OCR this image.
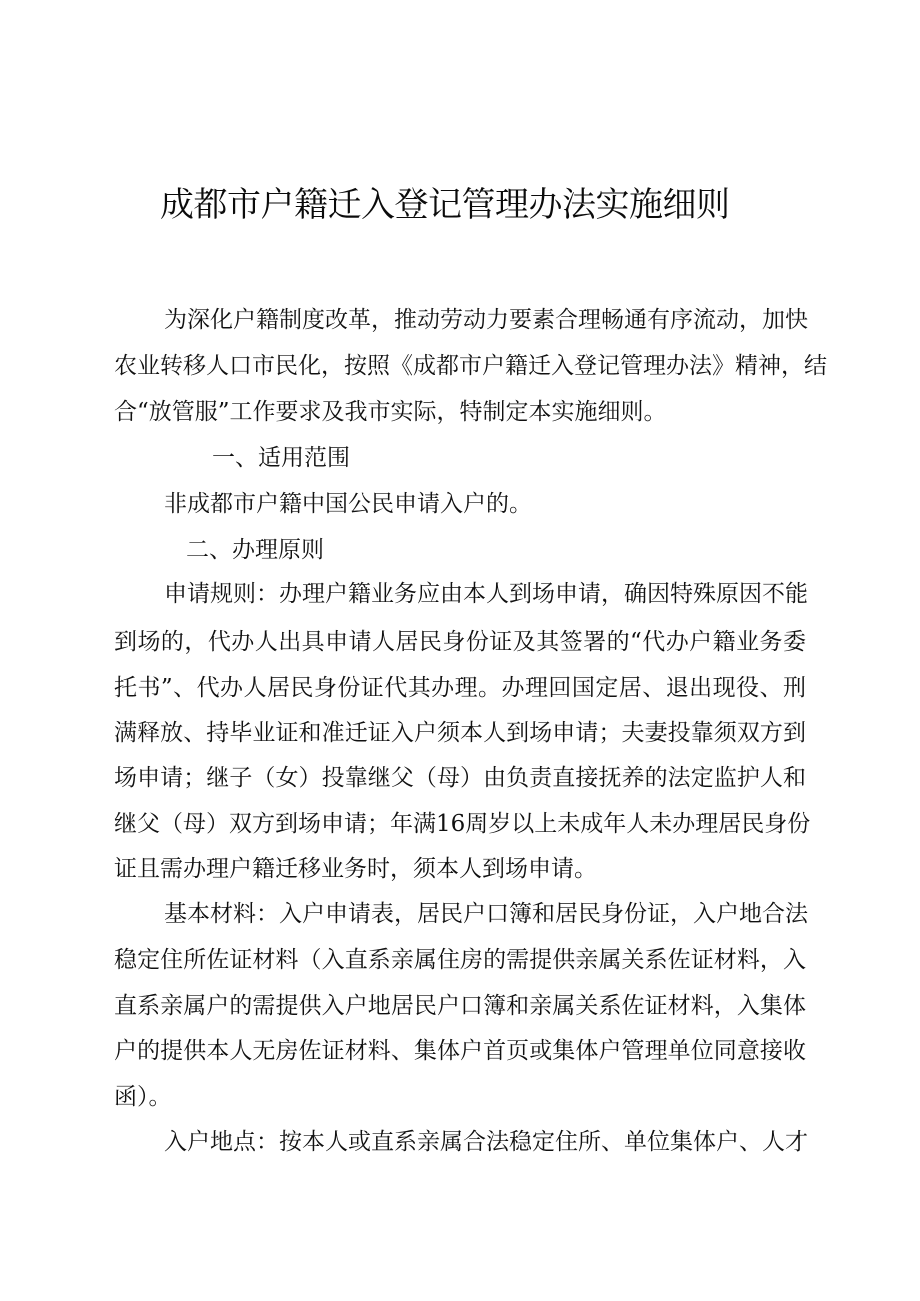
成都市户籍迁入登记管理办法实施细则

为深化户籍制度改革，推动劳动力要素合理畅通有序流动，加快

农业转移人口市民化，按照《成都市户籍迁入登记管理办法》精神，结

合“放管服”工作要求及我市实际，特制定本实施细则。

一、适用范围

非成都市户籍中国公民申请入户的。

二、办理原则

申请规则：办理户籍业务应由本人到场申请，确因特殊原因不能

到场的，代办人出具申请人居民身份证及其签署的“代办户籍业务委

托书”、代办人居民身份证代其办理。办理回国定居、退出现役、刑

满释放、持毕业证和准迁证入户须本人到场申请；夫妻投靠须双方到

场申请；继子（女）投靠继父（母）由负责直接抚养的法定监护人和

继父（母）双方到场申请；年满16周岁以上未成年人未办理居民身份

证且需办理户籍迁移业务时，须本人到场申请。

基本材料：入户申请表，居民户口簿和居民身份证，入户地合法

稳定住所佐证材料（入直系亲属住房的需提供亲属关系佐证材料，入

直系亲属户的需提供入户地居民户口簿和亲属关系佐证材料，入集体

户的提供本人无房佐证材料、集体户首页或集体户管理单位同意接收

函）。

入户地点：按本人或直系亲属合法稳定住所、单位集体户、人才
